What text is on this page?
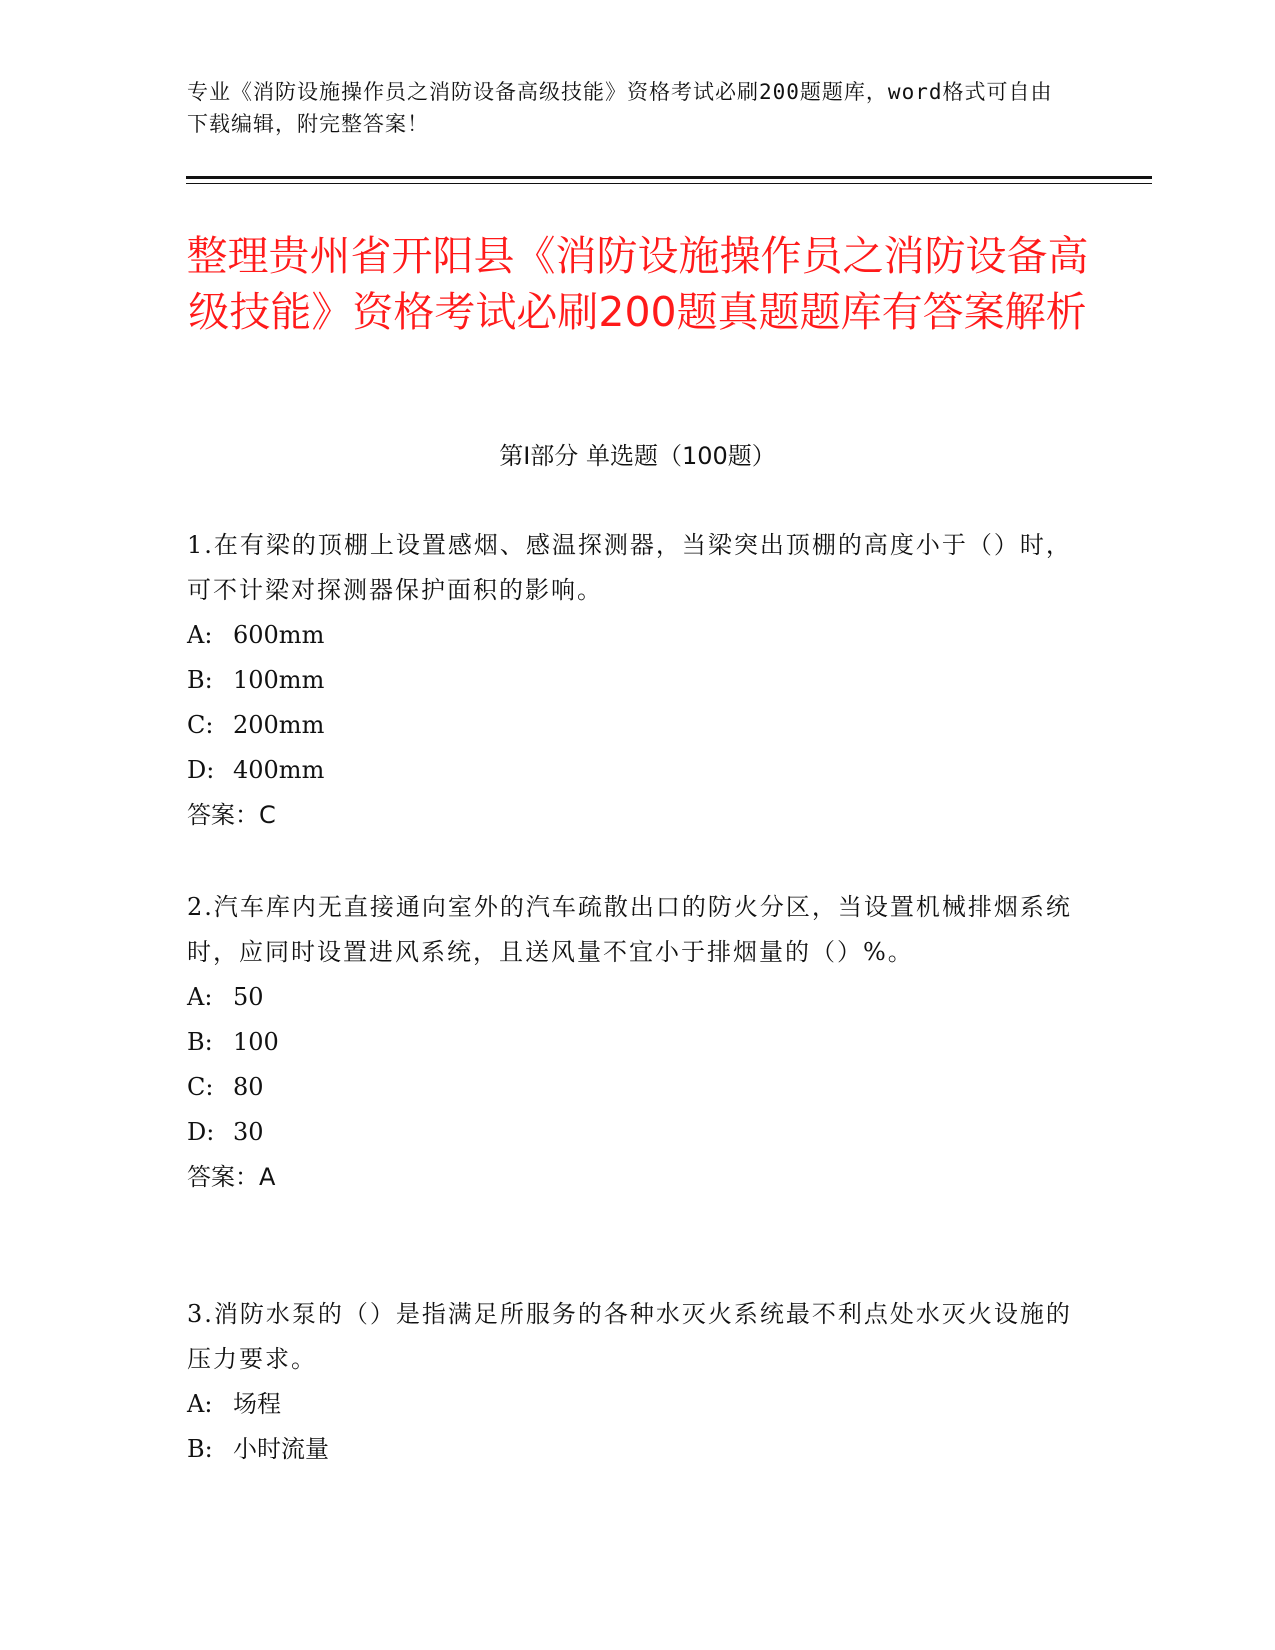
专业《消防设施操作员之消防设备高级技能》资格考试必刷200题题库，word格式可自由下载编辑，附完整答案！
整理贵州省开阳县《消防设施操作员之消防设备高级技能》资格考试必刷200题真题题库有答案解析
第Ⅰ部分 单选题（100题）

1.在有梁的顶棚上设置感烟、感温探测器，当梁突出顶棚的高度小于（）时，可不计梁对探测器保护面积的影响。

A: 600mm

B: 100mm

C: 200mm

D: 400mm

答案：C

2.汽车库内无直接通向室外的汽车疏散出口的防火分区，当设置机械排烟系统时，应同时设置进风系统，且送风量不宜小于排烟量的（）%。

A: 50

B: 100

C: 80

D: 30

答案：A

3.消防水泵的（）是指满足所服务的各种水灭火系统最不利点处水灭火设施的压力要求。

A: 场程

B: 小时流量
